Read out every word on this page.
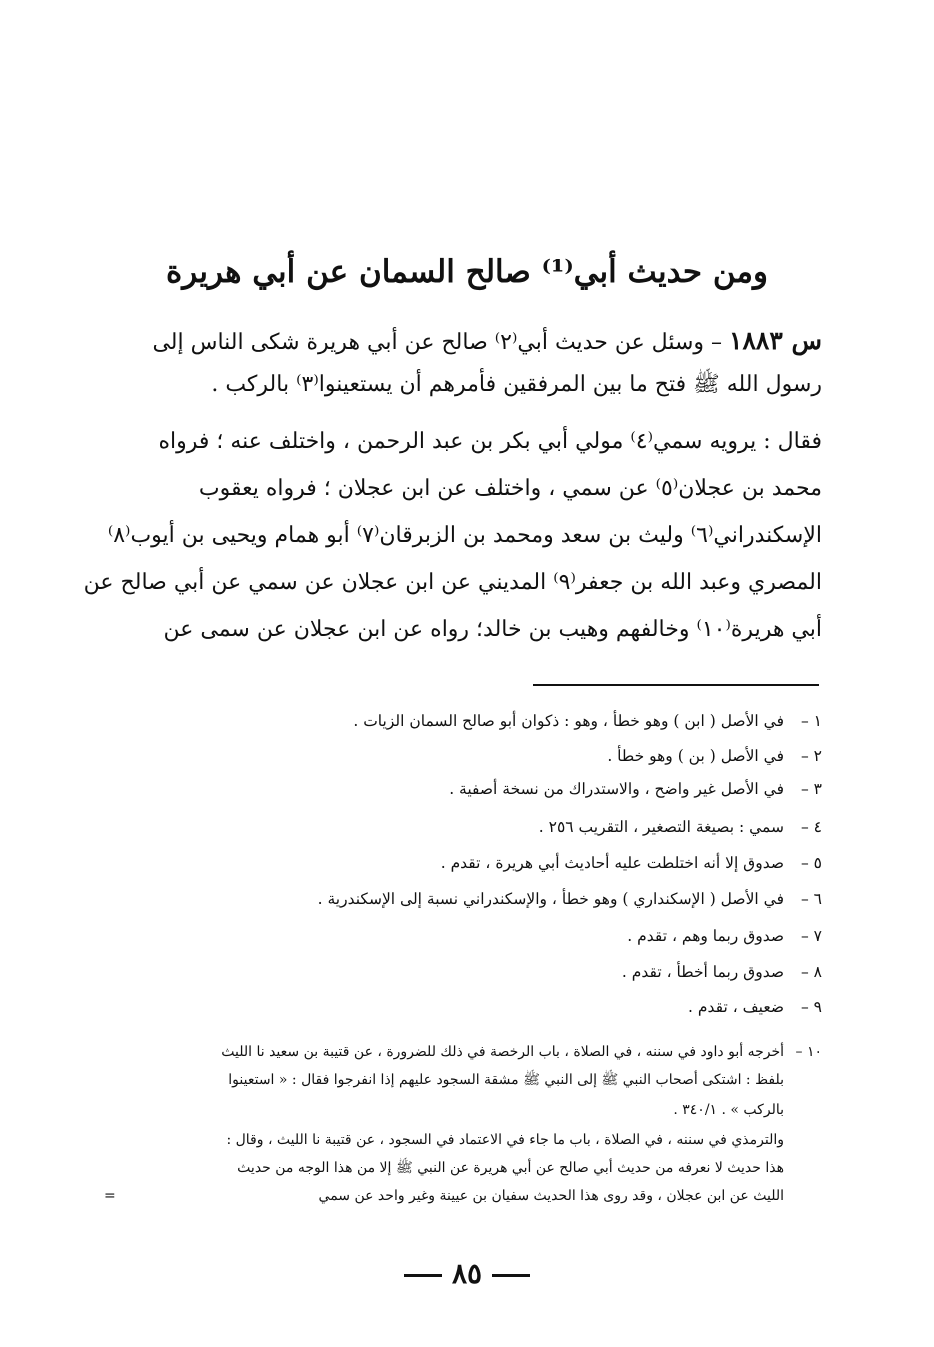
ومن حديث أبي⁽¹⁾ صالح السمان عن أبي هريرة
س ١٨٨٣ – وسئل عن حديث أبي⁽٢⁾ صالح عن أبي هريرة شكى الناس إلى
رسول الله ﷺ فتح ما بين المرفقين فأمرهم أن يستعينوا⁽٣⁾ بالركب .
فقال : يرويه سمي⁽٤⁾ مولي أبي بكر بن عبد الرحمن ، واختلف عنه ؛ فرواه
محمد بن عجلان⁽٥⁾ عن سمي ، واختلف عن ابن عجلان ؛ فرواه يعقوب
الإسكندراني⁽٦⁾ وليث بن سعد ومحمد بن الزبرقان⁽٧⁾ أبو همام ويحيى بن أيوب⁽٨⁾
المصري وعبد الله بن جعفر⁽٩⁾ المديني عن ابن عجلان عن سمي عن أبي صالح عن
أبي هريرة⁽١٠⁾ وخالفهم وهيب بن خالد؛ رواه عن ابن عجلان عن سمى عن
١ –في الأصل ( ابن ) وهو خطأ ، وهو : ذكوان أبو صالح السمان الزيات .
٢ –في الأصل ( بن ) وهو خطأ .
٣ –في الأصل غير واضح ، والاستدراك من نسخة أصفية .
٤ –سمي : بصيغة التصغير ، التقريب ٢٥٦ .
٥ –صدوق إلا أنه اختلطت عليه أحاديث أبي هريرة ، تقدم .
٦ –في الأصل ( الإسكنداري ) وهو خطأ ، والإسكندراني نسبة إلى الإسكندرية .
٧ –صدوق ربما وهم ، تقدم .
٨ –صدوق ربما أخطأ ، تقدم .
٩ –ضعيف ، تقدم .
١٠ –أخرجه أبو داود في سننه ، في الصلاة ، باب الرخصة في ذلك للضرورة ، عن قتيبة بن سعيد نا الليث
بلفظ : اشتكى أصحاب النبي ﷺ إلى النبي ﷺ مشقة السجود عليهم إذا انفرجوا فقال : « استعينوا
بالركب » . ٣٤٠/١ .
والترمذي في سننه ، في الصلاة ، باب ما جاء في الاعتماد في السجود ، عن قتيبة نا الليث ، وقال :
هذا حديث لا نعرفه من حديث أبي صالح عن أبي هريرة عن النبي ﷺ إلا من هذا الوجه من حديث
الليث عن ابن عجلان ، وقد روى هذا الحديث سفيان بن عيينة وغير واحد عن سمي
=
٨٥
